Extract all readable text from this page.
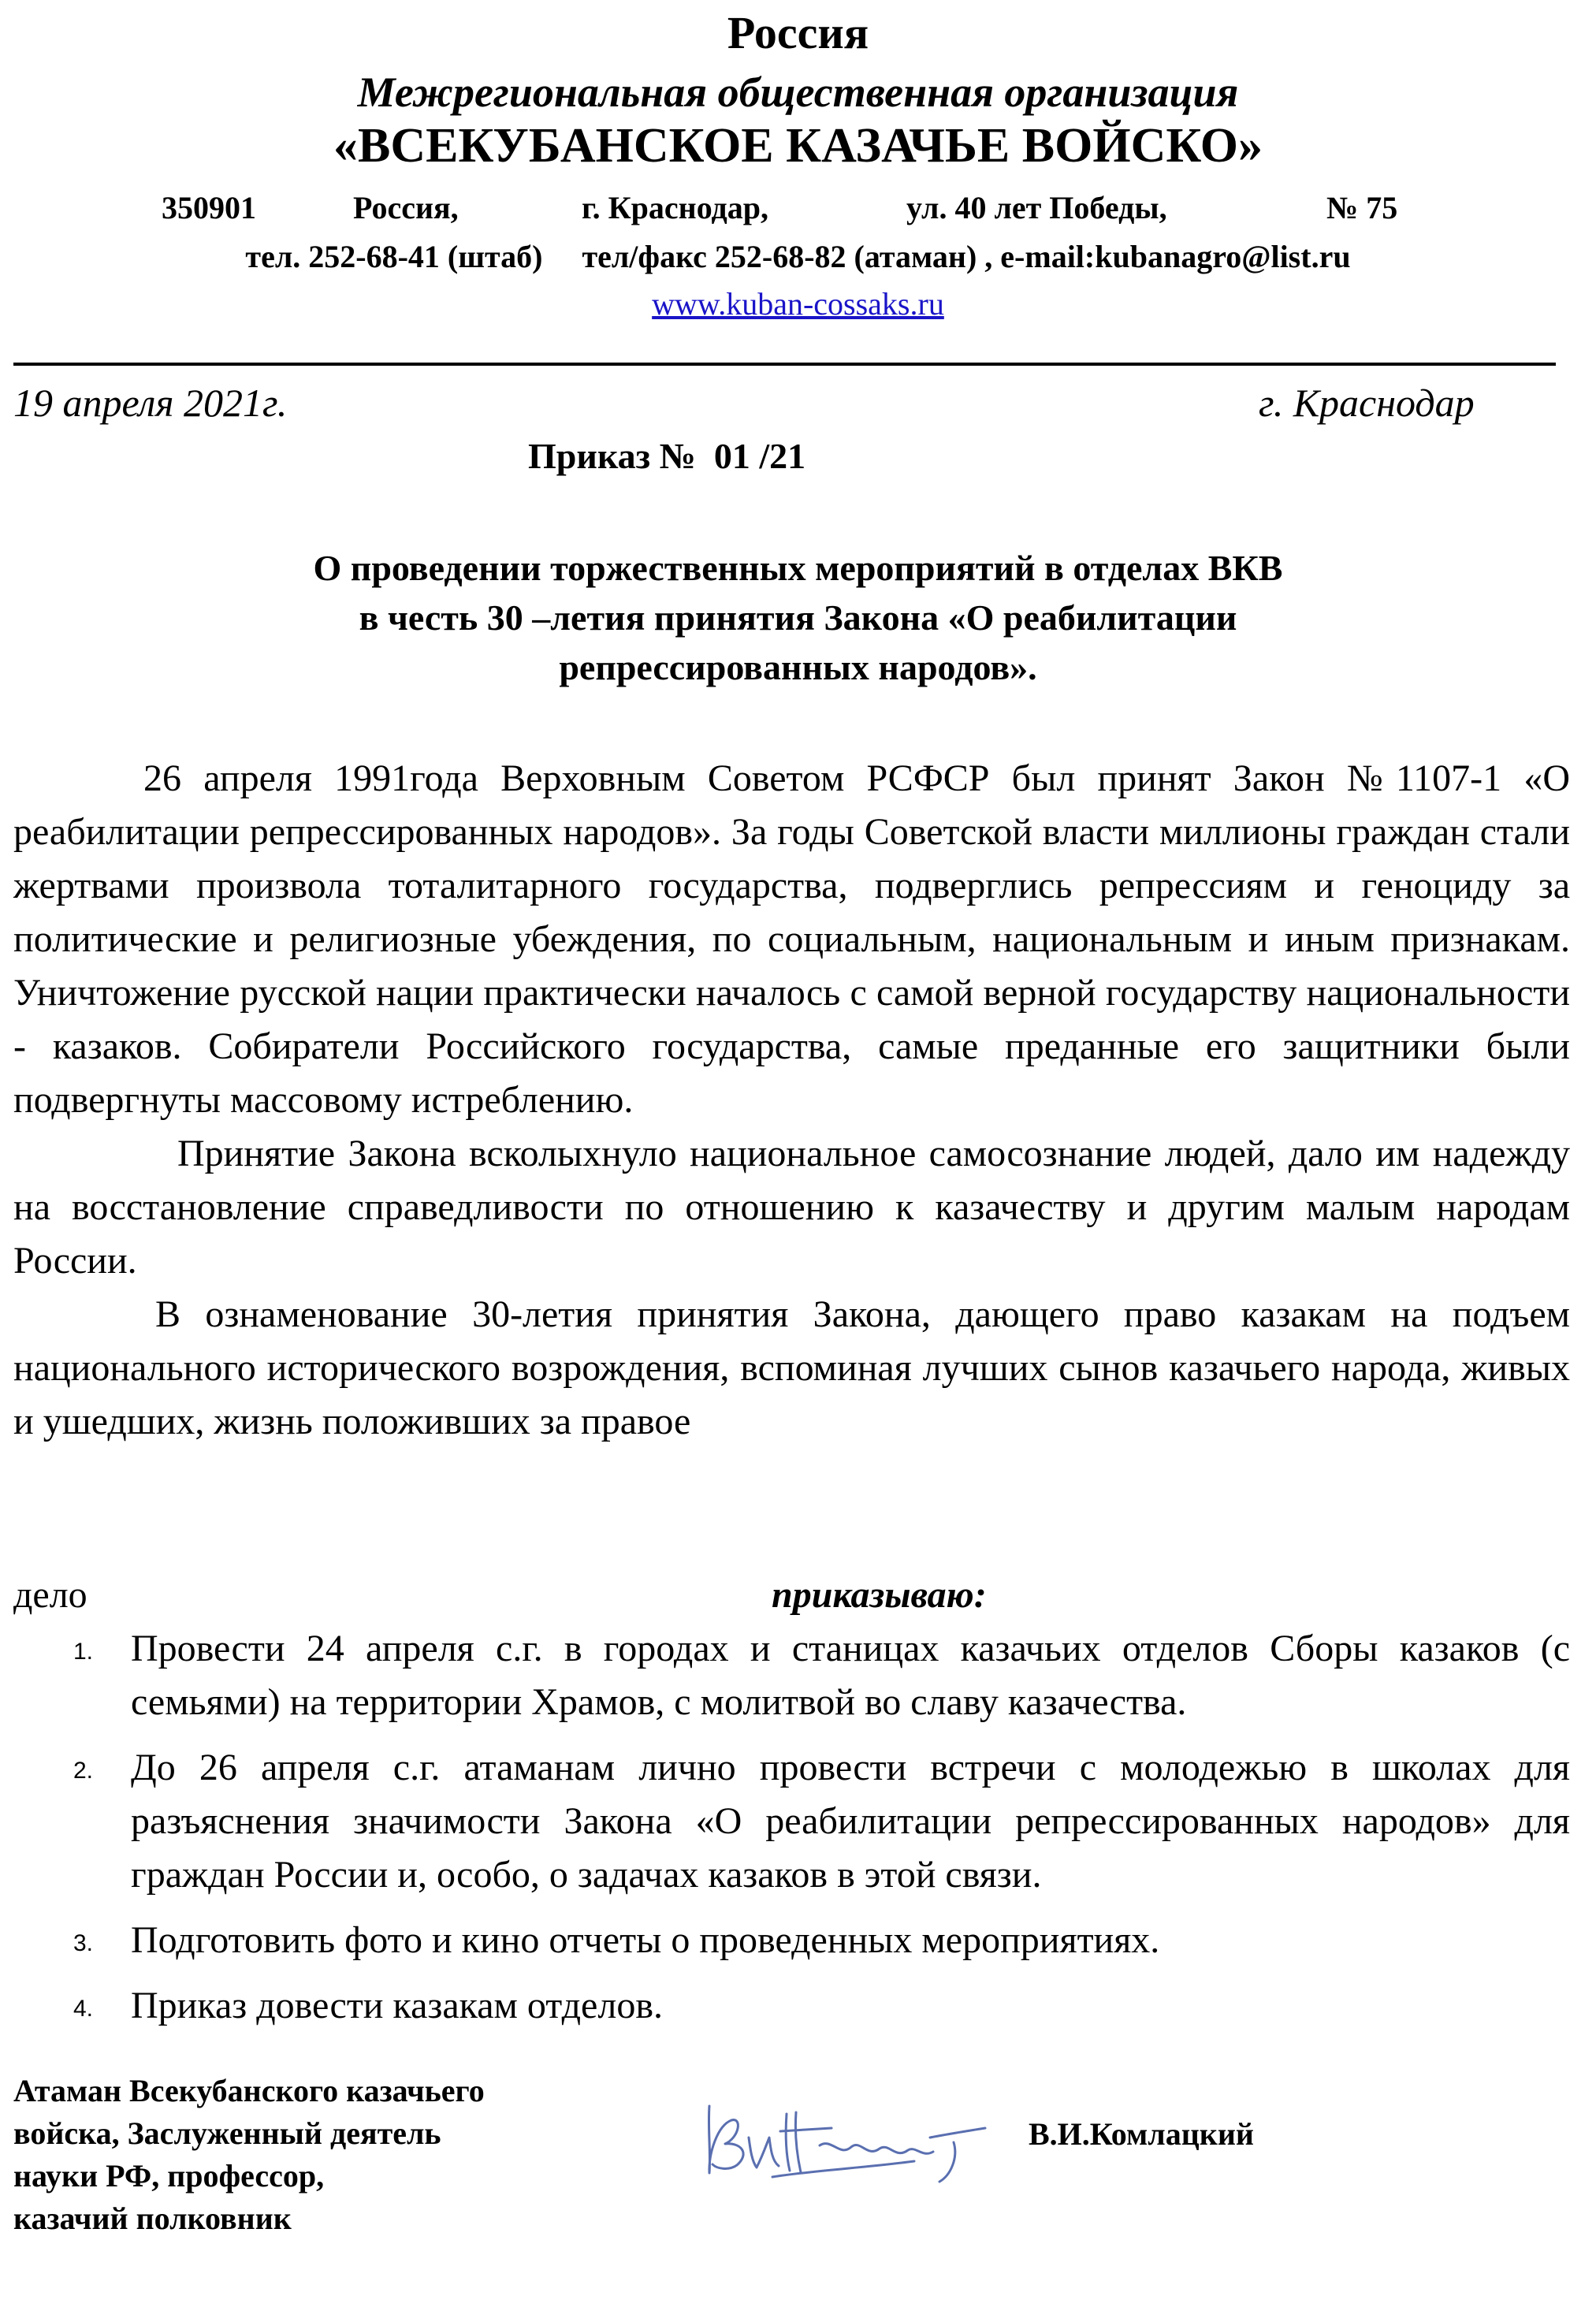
Россия
Межрегиональная общественная организация
«ВСЕКУБАНСКОЕ КАЗАЧЬЕ ВОЙСКО»
350901	Россия,	г. Краснодар,	ул. 40 лет Победы,	№ 75
тел. 252-68-41 (штаб)     тел/факс 252-68-82 (атаман) , e-mail:kubanagro@list.ru
www.kuban-cossaks.ru
19 апреля 2021г.	г. Краснодар
Приказ №  01 /21
О проведении торжественных мероприятий в отделах ВКВ
в честь 30 –летия принятия Закона «О реабилитации
репрессированных народов».

26 апреля 1991года Верховным Советом РСФСР был принят Закон №1107-1 «О реабилитации репрессированных народов». За годы Советской власти миллионы граждан стали жертвами произвола тоталитарного государства, подверглись репрессиям и геноциду за политические и религиозные убеждения, по социальным, национальным и иным признакам. Уничтожение русской нации практически началось с самой верной государству национальности - казаков. Собиратели Российского государства, самые преданные его защитники были подвергнуты массовому истреблению.

Принятие Закона всколыхнуло национальное самосознание людей, дало им надежду на восстановление справедливости по отношению к казачеству и другим малым народам России.

В ознаменование 30-летия принятия Закона, дающего право казакам на подъем национального исторического возрождения, вспоминая лучших сынов казачьего народа, живых и ушедших, жизнь положивших за правое

дело	приказываю:
1. Провести 24 апреля с.г. в городах и станицах казачьих отделов Сборы казаков (с семьями) на территории Храмов, с молитвой во славу казачества.
2. До 26 апреля с.г. атаманам лично провести встречи с молодежью в школах для разъяснения значимости Закона «О реабилитации репрессированных народов» для граждан России и, особо, о задачах казаков в этой связи.
3. Подготовить фото и кино отчеты о проведенных мероприятиях.
4. Приказ довести казакам отделов.
Атаман Всекубанского казачьего
войска, Заслуженный деятель
науки РФ, профессор,
казачий полковник
В.И.Комлацкий
